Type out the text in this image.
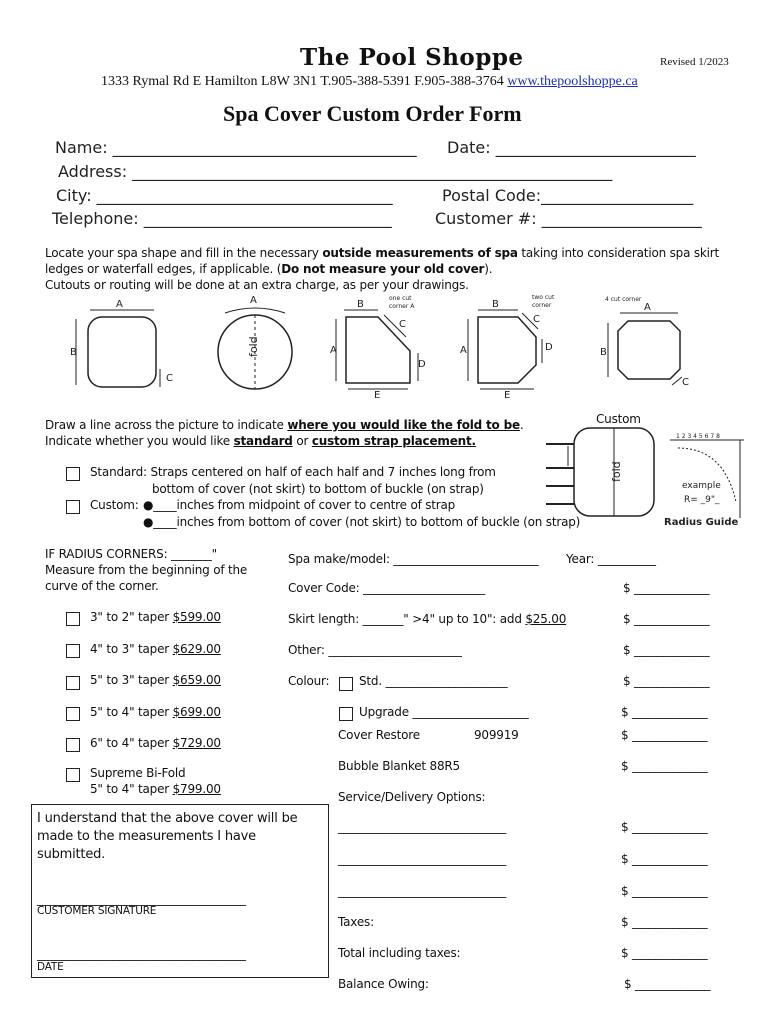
The Pool Shoppe	Revised 1/2023
1333 Rymal Rd E Hamilton L8W 3N1 T.905-388-5391 F.905-388-3764 www.thepoolshoppe.ca
Spa Cover Custom Order Form
Name: ______________________________________ Date: _________________________
Address: ____________________________________________________________
City: _____________________________________	Postal Code:___________________
Telephone: _______________________________	Customer #: ____________________
Locate your spa shape and fill in the necessary outside measurements of spa taking into consideration spa skirt
ledges or waterfall edges, if applicable. (Do not measure your old cover).
Cutouts or routing will be done at an extra charge, as per your drawings.
A
B
C
A
fold
B
one cut
corner A
C
A
D
E
B
two cut
corner
C
A	D
E
4 cut corner
A
B
C
Draw a line across the picture to indicate where you would like the fold to be.
Indicate whether you would like standard or custom strap placement.
Standard: Straps centered on half of each half and 7 inches long from
bottom of cover (not skirt) to bottom of buckle (on strap)
Custom: ●____inches from midpoint of cover to centre of strap
●____inches from bottom of cover (not skirt) to bottom of buckle (on strap)
Custom
fold
1 2 3 4 5 6 7 8
example
R= _9"_
Radius Guide
IF RADIUS CORNERS: _______"
Measure from the beginning of the
curve of the corner.
3" to 2" taper $599.00
4" to 3" taper $629.00
5" to 3" taper $659.00
5" to 4" taper $699.00
6" to 4" taper $729.00
Supreme Bi-Fold
5" to 4" taper $799.00
I understand that the above cover will be
made to the measurements I have
submitted.
____________________________________
CUSTOMER SIGNATURE
____________________________________
DATE
Spa make/model: _________________________ Year: __________
Cover Code: _____________________	$ _____________
Skirt length: _______" >4" up to 10": add $25.00	$ _____________
Other: _______________________	$ _____________
Colour: Std. _____________________	$ _____________
Upgrade ____________________	$ _____________
Cover Restore	909919	$ _____________
Bubble Blanket 88R5	$ _____________
Service/Delivery Options:
_____________________________	$ _____________
_____________________________	$ _____________
_____________________________	$ _____________
Taxes:	$ _____________
Total including taxes:	$ _____________
Balance Owing:	$ _____________
